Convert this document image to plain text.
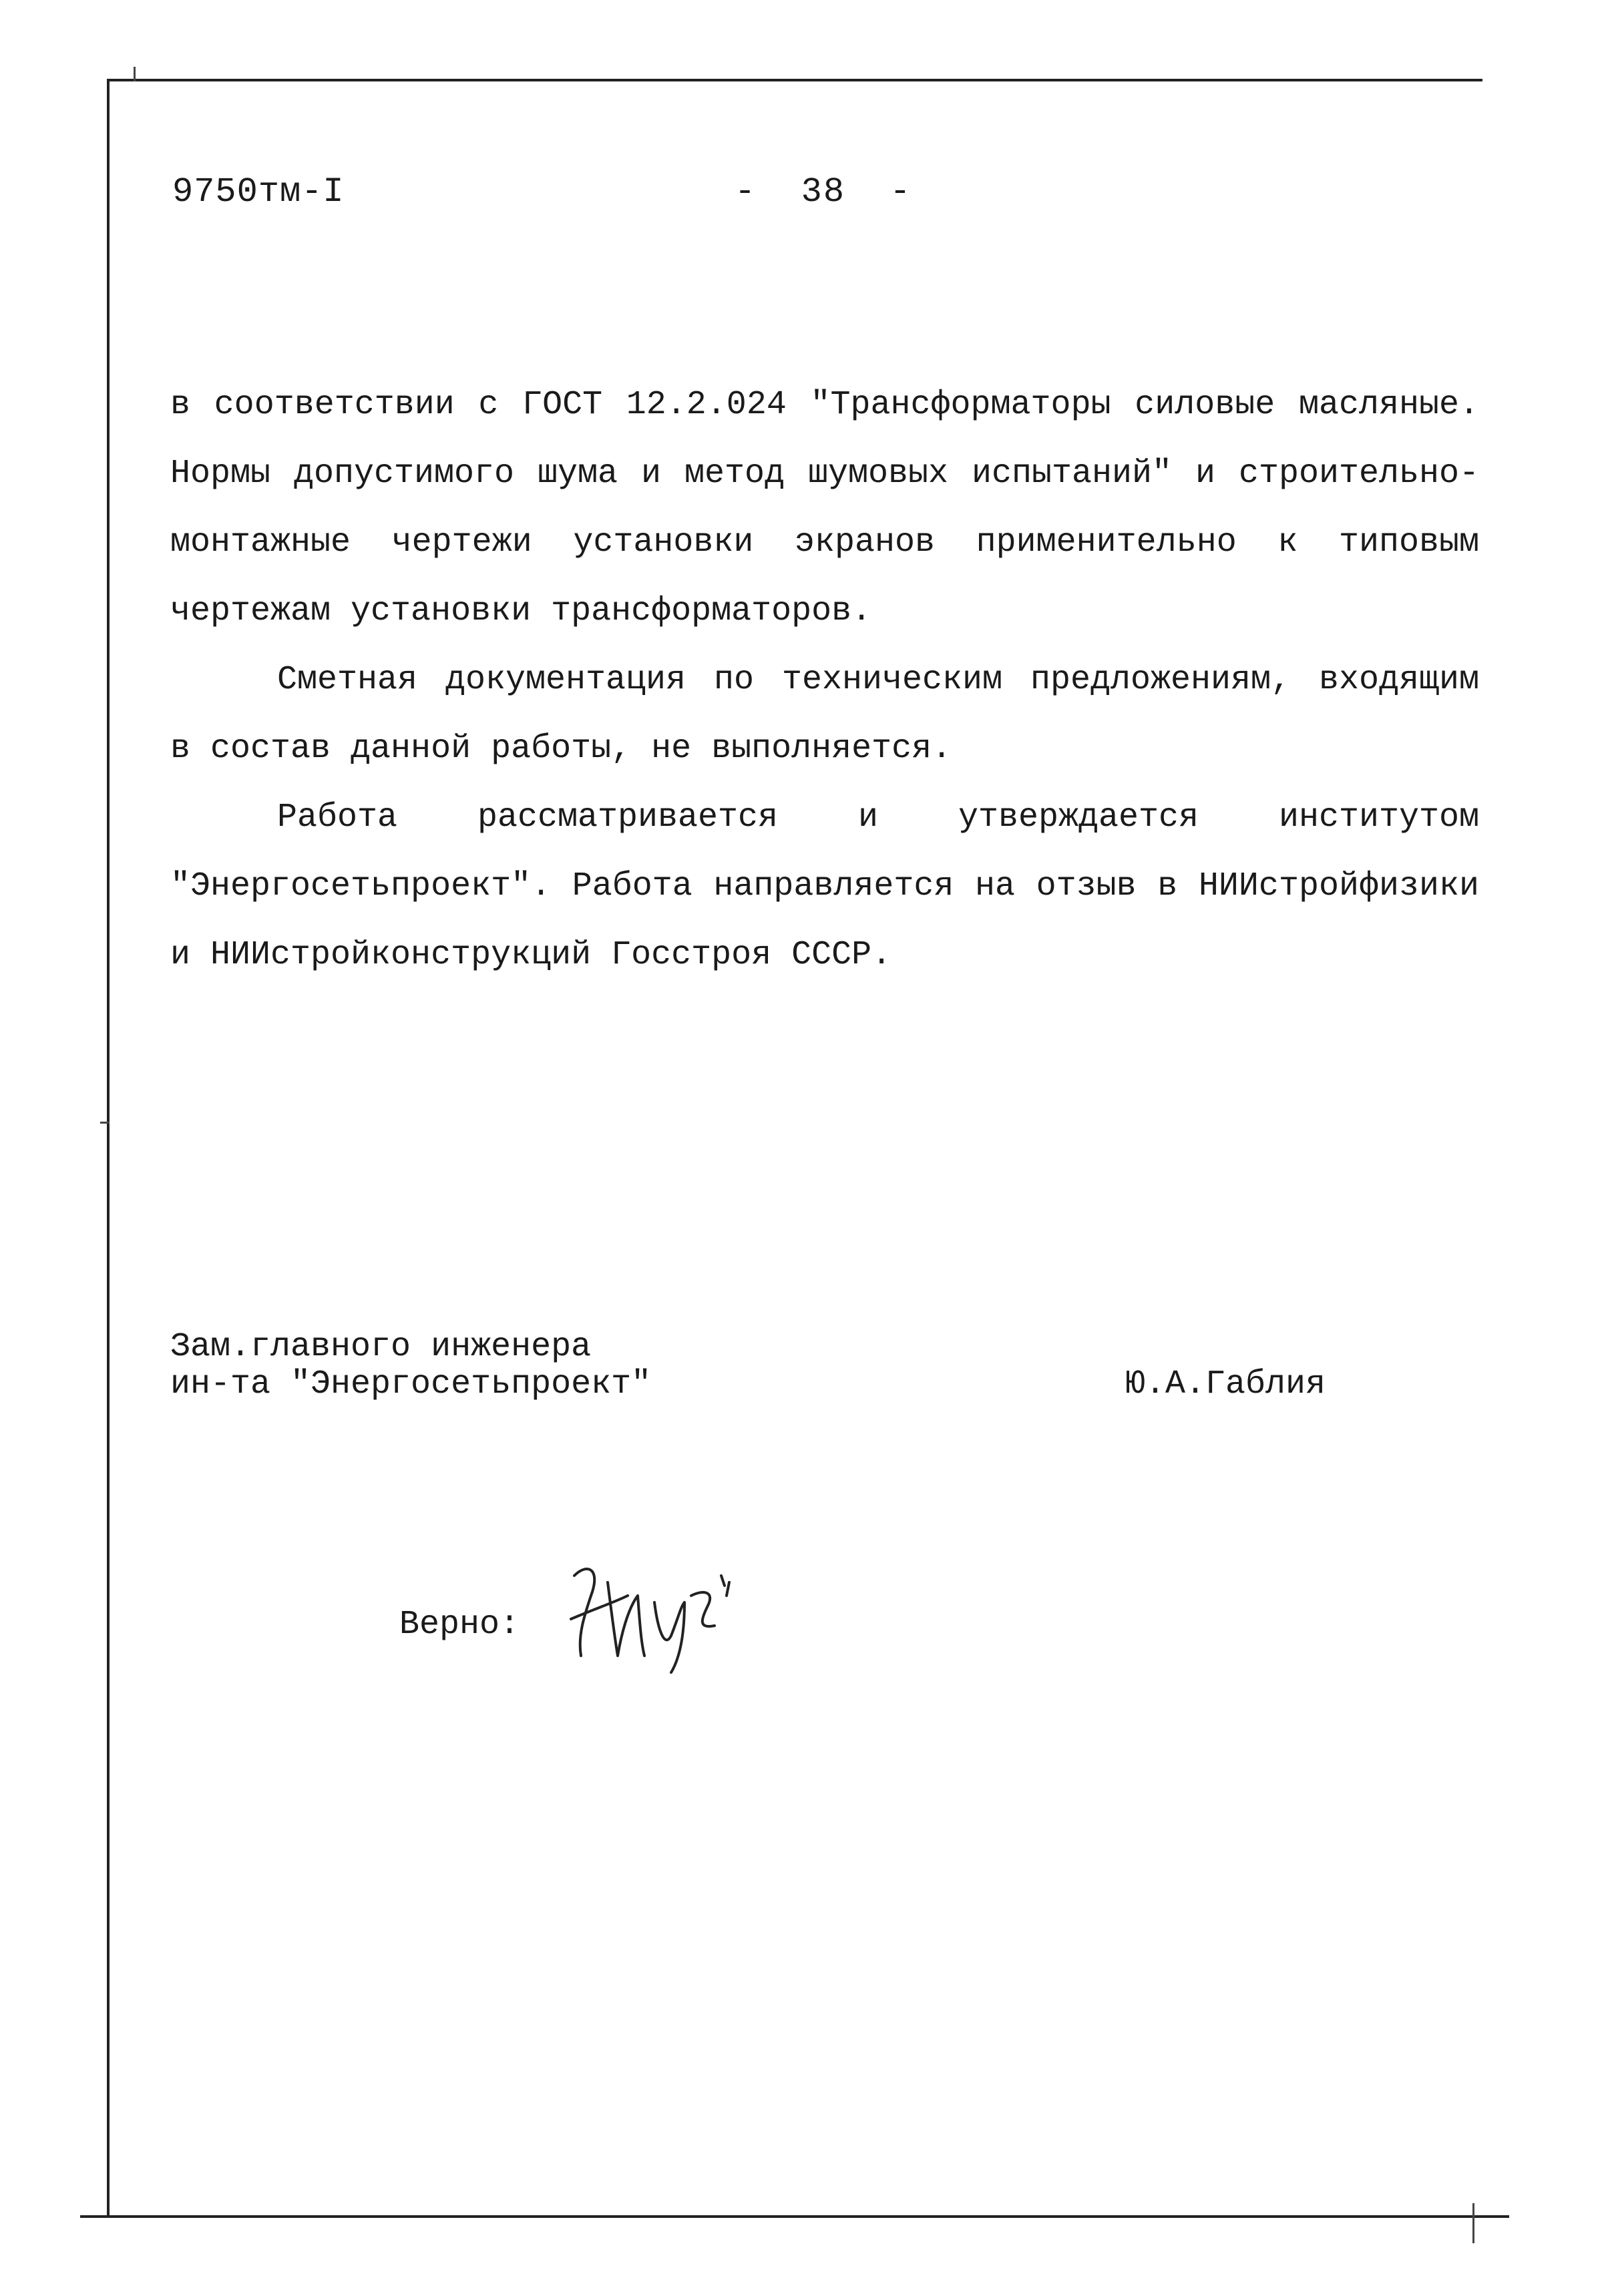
9750тм-I	-  38  -

в соответствии с ГОСТ 12.2.024 "Трансформаторы силовые масляные. Нормы допустимого шума и метод шумовых испытаний" и строительно-монтажные чертежи установки экранов применительно к типовым чертежам установки трансформаторов.

Сметная документация по техническим предложениям, входящим в состав данной работы, не выполняется.

Работа рассматривается и утверждается институтом "Энергосетьпроект". Работа направляется на отзыв в НИИстройфизики и НИИстройконструкций Госстроя СССР.

Зам.главного инженера
ин-та "Энергосетьпроект"	Ю.А.Габлия
Верно:
